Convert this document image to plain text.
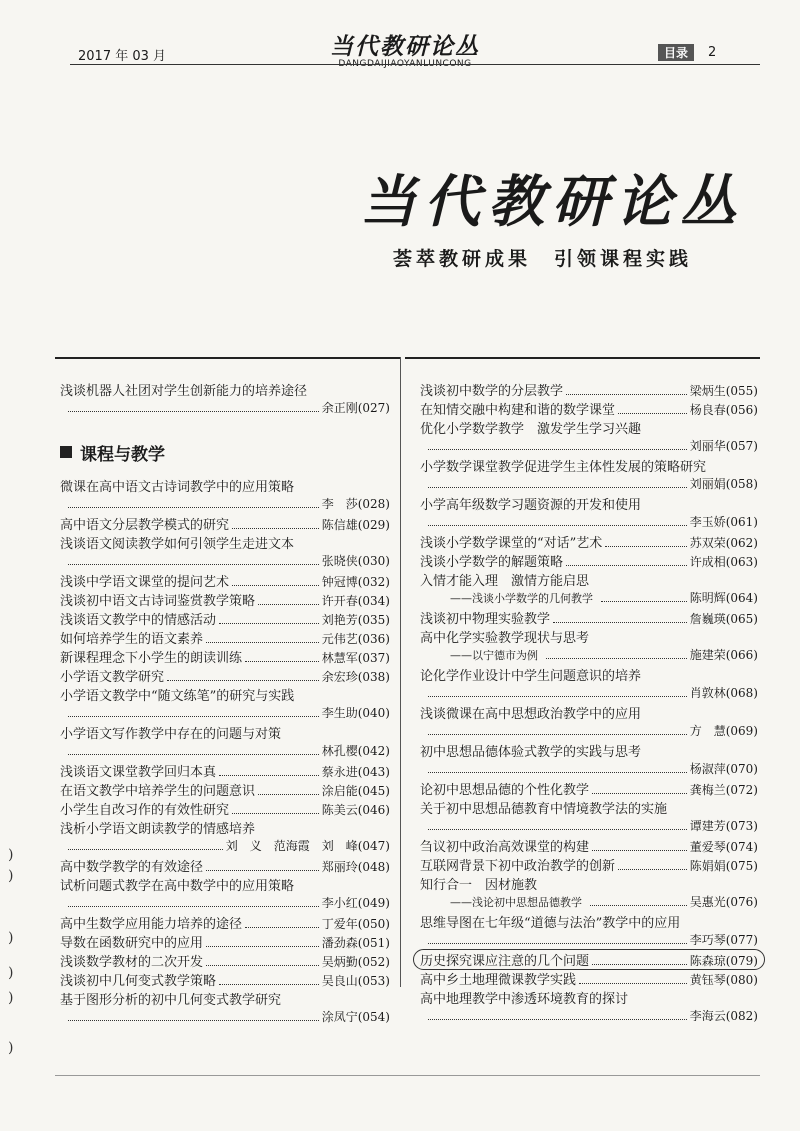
2017 年 03 月	当代教研论丛
DANGDAIJIAOYANLUNCONG
目录	2
当代教研论丛
荟萃教研成果　引领课程实践
浅谈机器人社团对学生创新能力的培养途径
余正刚(027)
课程与教学
微课在高中语文古诗词教学中的应用策略
李　莎(028)
高中语文分层教学模式的研究	陈信雄(029)
浅谈语文阅读教学如何引领学生走进文本
张晓侠(030)
浅谈中学语文课堂的提问艺术	钟冠博(032)
浅谈初中语文古诗词鉴赏教学策略	许开春(034)
浅谈语文教学中的情感活动	刘艳芳(035)
如何培养学生的语文素养	元伟艺(036)
新课程理念下小学生的朗读训练	林慧军(037)
小学语文教学研究	余宏珍(038)
小学语文教学中“随文练笔”的研究与实践
李生助(040)
小学语文写作教学中存在的问题与对策
林孔樱(042)
浅谈语文课堂教学回归本真	蔡永进(043)
在语文教学中培养学生的问题意识	涂启能(045)
小学生自改习作的有效性研究	陈美云(046)
浅析小学语文朗读教学的情感培养
刘　义　范海霞　刘　峰(047)
高中数学教学的有效途径	郑丽玲(048)
试析问题式教学在高中数学中的应用策略
李小红(049)
高中生数学应用能力培养的途径	丁爱年(050)
导数在函数研究中的应用	潘劲森(051)
浅谈数学教材的二次开发	吴炳勤(052)
浅谈初中几何变式教学策略	吴良山(053)
基于图形分析的初中几何变式教学研究
涂凤宁(054)
浅谈初中数学的分层教学	梁炳生(055)
在知情交融中构建和谐的数学课堂	杨良春(056)
优化小学数学教学　激发学生学习兴趣
刘丽华(057)
小学数学课堂教学促进学生主体性发展的策略研究
刘丽娟(058)
小学高年级数学习题资源的开发和使用
李玉娇(061)
浅谈小学数学课堂的“对话”艺术	苏双荣(062)
浅谈小学数学的解题策略	许成相(063)
入情才能入理　激情方能启思
——浅谈小学数学的几何教学	陈明辉(064)
浅谈初中物理实验教学	詹巍瑛(065)
高中化学实验教学现状与思考
——以宁德市为例	施建荣(066)
论化学作业设计中学生问题意识的培养
肖敦林(068)
浅谈微课在高中思想政治教学中的应用
方　慧(069)
初中思想品德体验式教学的实践与思考
杨淑萍(070)
论初中思想品德的个性化教学	龚梅兰(072)
关于初中思想品德教育中情境教学法的实施
谭建芳(073)
刍议初中政治高效课堂的构建	董爱琴(074)
互联网背景下初中政治教学的创新	陈娟娟(075)
知行合一　因材施教
——浅论初中思想品德教学	吴惠光(076)
思维导图在七年级“道德与法治”教学中的应用
李巧琴(077)
历史探究课应注意的几个问题	陈森琼(079)
高中乡土地理微课教学实践	黄钰琴(080)
高中地理教学中渗透环境教育的探讨
李海云(082)
)
)
)
)
)
)
